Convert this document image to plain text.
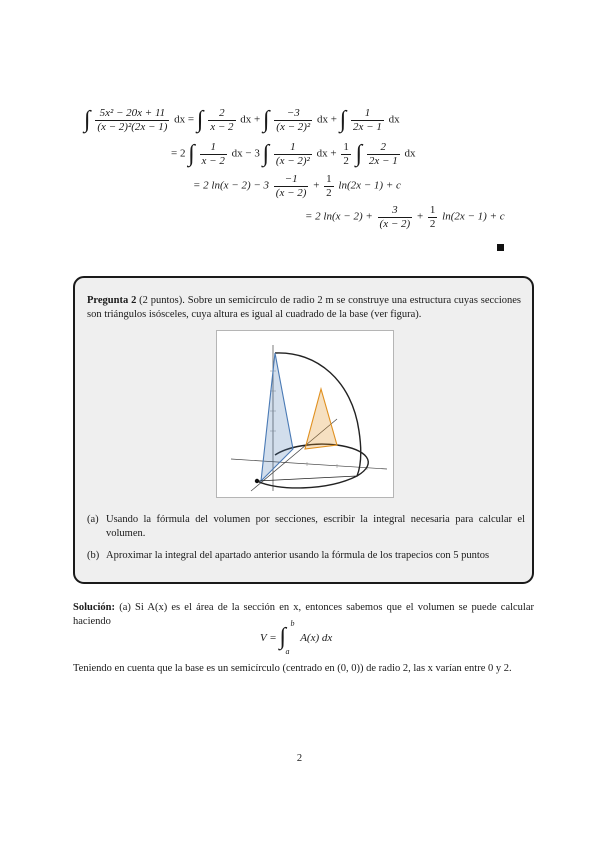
∫ $\frac{\text{5x² − 20x + 11}}{\text{(x − 2)²(2x − 1)}}$ dx = ∫ $\frac{2}{x - 2}$ dx + ∫ $\frac{-3}{\text{(x − 2)²}}$ dx + ∫ $\frac{1}{2x - 1}$ dx
= 2 ∫ $\frac{1}{x - 2}$ dx − 3 ∫ $\frac{1}{\text{(x − 2)²}}$ dx + $\frac{1}{2}$ ∫ $\frac{2}{2x - 1}$ dx
= 2 $\ln(x - 2) - 3 \frac{-1}{(x - 2)} + \frac{1}{2} \ln(2x - 1) + c$
= 2 $\ln(x - 2) + \frac{3}{(x - 2)} + \frac{1}{2} \ln(2x - 1) + c$
Pregunta 2 (2 puntos). Sobre un semicírculo de radio 2 m se construye una estructura cuyas secciones son triángulos isósceles, cuya altura es igual al cuadrado de la base (ver figura).
(a) Usando la fórmula del volumen por secciones, escribir la integral necesaria para calcular el volumen.
(b) Aproximar la integral del apartado anterior usando la fórmula de los trapecios con 5 puntos
Solución: (a) Si A(x) es el área de la sección en x, entonces sabemos que el volumen se puede calcular haciendo
V = ∫
b
a
A(x) dx
Teniendo en cuenta que la base es un semicírculo (centrado en (0, 0)) de radio 2, las x varían entre 0 y 2.
2
